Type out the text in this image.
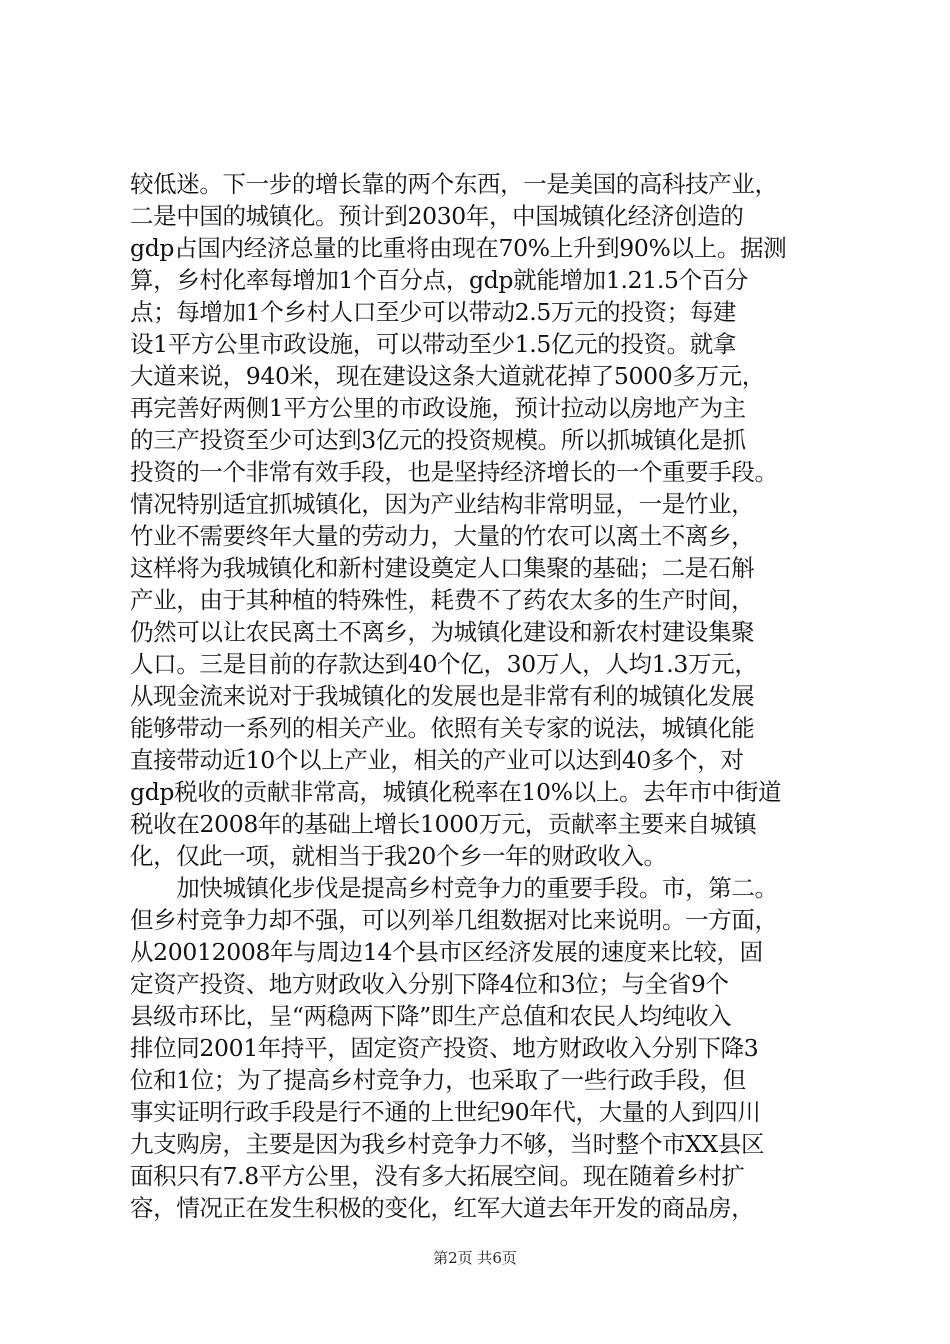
较低迷。下一步的增长靠的两个东西，一是美国的高科技产业，
二是中国的城镇化。预计到2030年，中国城镇化经济创造的
gdp占国内经济总量的比重将由现在70%上升到90%以上。据测
算，乡村化率每增加1个百分点，gdp就能增加1.21.5个百分
点；每增加1个乡村人口至少可以带动2.5万元的投资；每建
设1平方公里市政设施，可以带动至少1.5亿元的投资。就拿
大道来说，940米，现在建设这条大道就花掉了5000多万元，
再完善好两侧1平方公里的市政设施，预计拉动以房地产为主
的三产投资至少可达到3亿元的投资规模。所以抓城镇化是抓
投资的一个非常有效手段，也是坚持经济增长的一个重要手段。
情况特别适宜抓城镇化，因为产业结构非常明显，一是竹业，
竹业不需要终年大量的劳动力，大量的竹农可以离土不离乡，
这样将为我城镇化和新村建设奠定人口集聚的基础；二是石斛
产业，由于其种植的特殊性，耗费不了药农太多的生产时间，
仍然可以让农民离土不离乡，为城镇化建设和新农村建设集聚
人口。三是目前的存款达到40个亿，30万人，人均1.3万元，
从现金流来说对于我城镇化的发展也是非常有利的城镇化发展
能够带动一系列的相关产业。依照有关专家的说法，城镇化能
直接带动近10个以上产业，相关的产业可以达到40多个，对
gdp税收的贡献非常高，城镇化税率在10%以上。去年市中街道
税收在2008年的基础上增长1000万元，贡献率主要来自城镇
化，仅此一项，就相当于我20个乡一年的财政收入。
　　加快城镇化步伐是提高乡村竞争力的重要手段。市，第二。
但乡村竞争力却不强，可以列举几组数据对比来说明。一方面，
从20012008年与周边14个县市区经济发展的速度来比较，固
定资产投资、地方财政收入分别下降4位和3位；与全省9个
县级市环比，呈“两稳两下降”即生产总值和农民人均纯收入
排位同2001年持平，固定资产投资、地方财政收入分别下降3
位和1位；为了提高乡村竞争力，也采取了一些行政手段，但
事实证明行政手段是行不通的上世纪90年代，大量的人到四川
九支购房，主要是因为我乡村竞争力不够，当时整个市XX县区
面积只有7.8平方公里，没有多大拓展空间。现在随着乡村扩
容，情况正在发生积极的变化，红军大道去年开发的商品房，
第2页 共6页
